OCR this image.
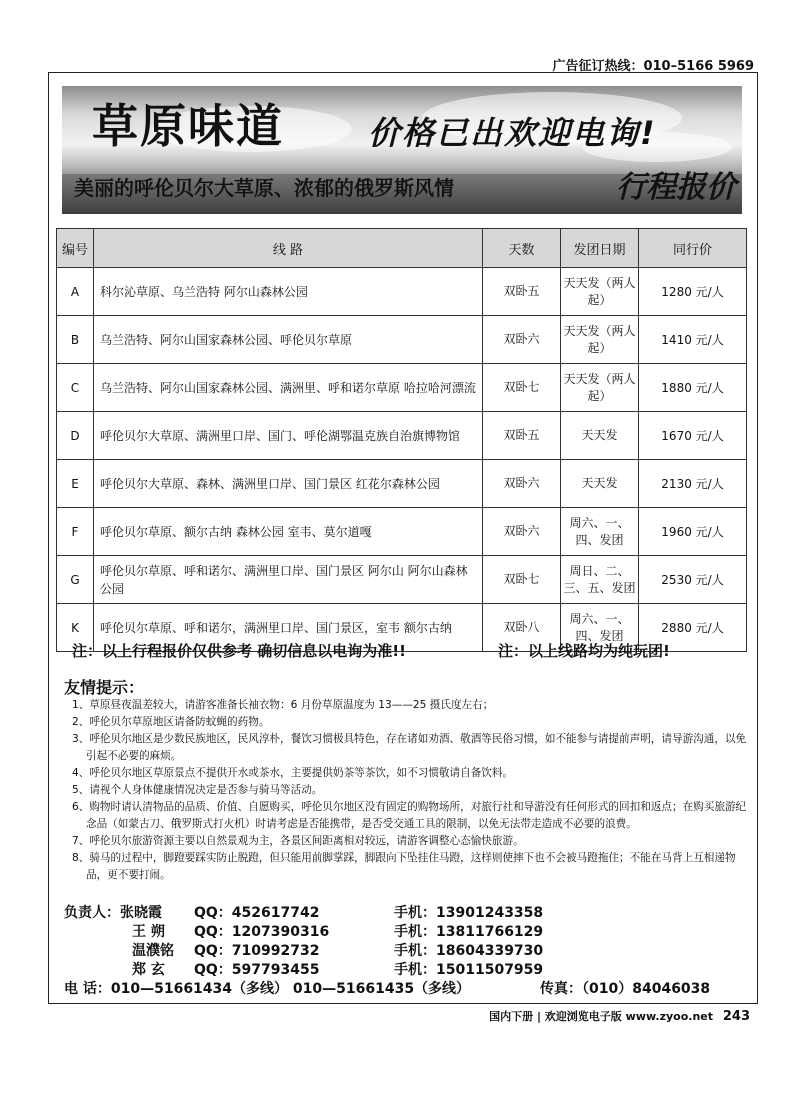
广告征订热线：010–5166 5969
草原味道	价格已出欢迎电询!
美丽的呼伦贝尔大草原、浓郁的俄罗斯风情	行程报价
编号	线 路	天数	发团日期	同行价
A	科尔沁草原、乌兰浩特 阿尔山森林公园	双卧五	天天发（两人起）	1280 元/人
B	乌兰浩特、阿尔山国家森林公园、呼伦贝尔草原	双卧六	天天发（两人起）	1410 元/人
C	乌兰浩特、阿尔山国家森林公园、满洲里、呼和诺尔草原 哈拉哈河漂流	双卧七	天天发（两人起）	1880 元/人
D	呼伦贝尔大草原、满洲里口岸、国门、呼伦湖鄂温克族自治旗博物馆	双卧五	天天发	1670 元/人
E	呼伦贝尔大草原、森林、满洲里口岸、国门景区 红花尔森林公园	双卧六	天天发	2130 元/人
F	呼伦贝尔草原、额尔古纳 森林公园 室韦、莫尔道嘎	双卧六	周六、一、四、发团	1960 元/人
G	呼伦贝尔草原、呼和诺尔、满洲里口岸、国门景区 阿尔山 阿尔山森林公园	双卧七	周日、二、三、五、发团	2530 元/人
K	呼伦贝尔草原、呼和诺尔，满洲里口岸、国门景区，室韦 额尔古纳	双卧八	周六、一、四、发团	2880 元/人
注：以上行程报价仅供参考 确切信息以电询为准!!	注：以上线路均为纯玩团!
友情提示：
1、草原昼夜温差较大，请游客准备长袖衣物：6 月份草原温度为 13——25 摄氏度左右；
2、呼伦贝尔草原地区请备防蚊蝇的药物。
3、呼伦贝尔地区是少数民族地区，民风淳朴，餐饮习惯极具特色，存在诸如劝酒、敬酒等民俗习惯，如不能参与请提前声明，请导游沟通，以免引起不必要的麻烦。
4、呼伦贝尔地区草原景点不提供开水或茶水，主要提供奶茶等茶饮，如不习惯敬请自备饮料。
5、请视个人身体健康情况决定是否参与骑马等活动。
6、购物时请认清物品的品质、价值、自愿购买，呼伦贝尔地区没有固定的购物场所，对旅行社和导游没有任何形式的回扣和返点；在购买旅游纪念品（如蒙古刀、俄罗斯式打火机）时请考虑是否能携带，是否受交通工具的限制，以免无法带走造成不必要的浪费。
7、呼伦贝尔旅游资源主要以自然景观为主，各景区间距离相对较远，请游客调整心态愉快旅游。
8、骑马的过程中，脚蹬要踩实防止脱蹬，但只能用前脚掌踩，脚跟向下坠挂住马蹬，这样则使摔下也不会被马蹬拖住；不能在马背上互相递物品，更不要打闹。
负责人：张晓霞 QQ：452617742	手机：13901243358
王 朔 QQ：1207390316	手机：13811766129
温濮铭 QQ：710992732	手机：18604339730
郑 玄 QQ：597793455	手机：15011507959
电 话：010—51661434（多线） 010—51661435（多线）	传真：（010）84046038
国内下册 | 欢迎浏览电子版 www.zyoo.net 243
